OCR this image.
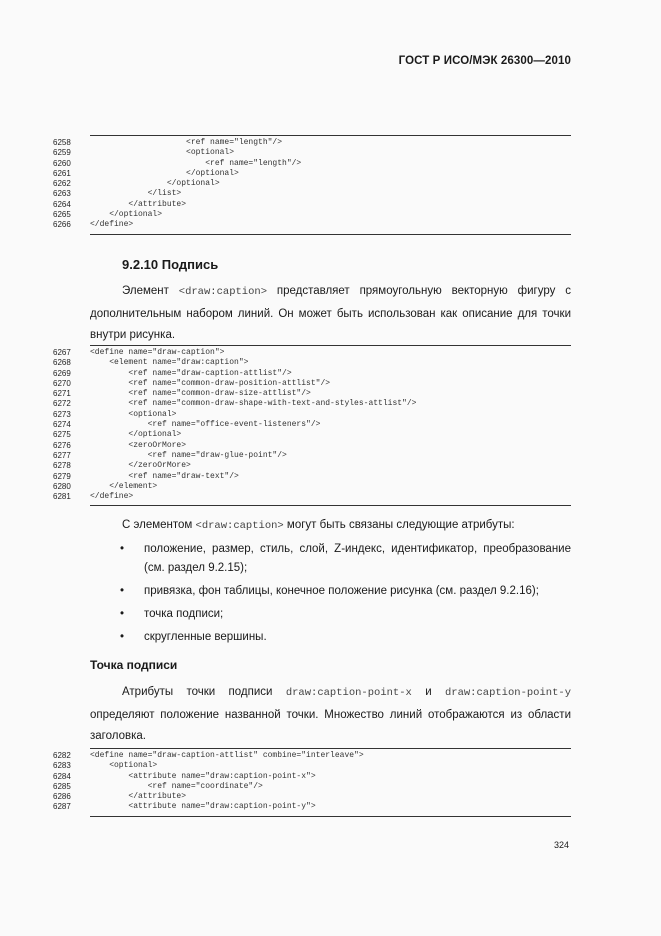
ГОСТ Р ИСО/МЭК 26300—2010
6258	<ref name="length"/>
6259	<optional>
6260	<ref name="length"/>
6261	</optional>
6262	</optional>
6263	</list>
6264	</attribute>
6265	</optional>
6266	</define>
9.2.10 Подпись
Элемент <draw:caption> представляет прямоугольную векторную фигуру с дополнительным набором линий. Он может быть использован как описание для точки внутри рисунка.
6267	<define name="draw-caption">
6268	<element name="draw:caption">
6269	<ref name="draw-caption-attlist"/>
6270	<ref name="common-draw-position-attlist"/>
6271	<ref name="common-draw-size-attlist"/>
6272	<ref name="common-draw-shape-with-text-and-styles-attlist"/>
6273	<optional>
6274	<ref name="office-event-listeners"/>
6275	</optional>
6276	<zeroOrMore>
6277	<ref name="draw-glue-point"/>
6278	</zeroOrMore>
6279	<ref name="draw-text"/>
6280	</element>
6281	</define>
С элементом <draw:caption> могут быть связаны следующие атрибуты:
• положение, размер, стиль, слой, Z-индекс, идентификатор, преобразование (см. раздел 9.2.15);
• привязка, фон таблицы, конечное положение рисунка (см. раздел 9.2.16);
• точка подписи;
• скругленные вершины.
Точка подписи
Атрибуты точки подписи draw:caption-point-x и draw:caption-point-y определяют положение названной точки. Множество линий отображаются из области заголовка.
6282	<define name="draw-caption-attlist" combine="interleave">
6283	<optional>
6284	<attribute name="draw:caption-point-x">
6285	<ref name="coordinate"/>
6286	</attribute>
6287	<attribute name="draw:caption-point-y">
324
